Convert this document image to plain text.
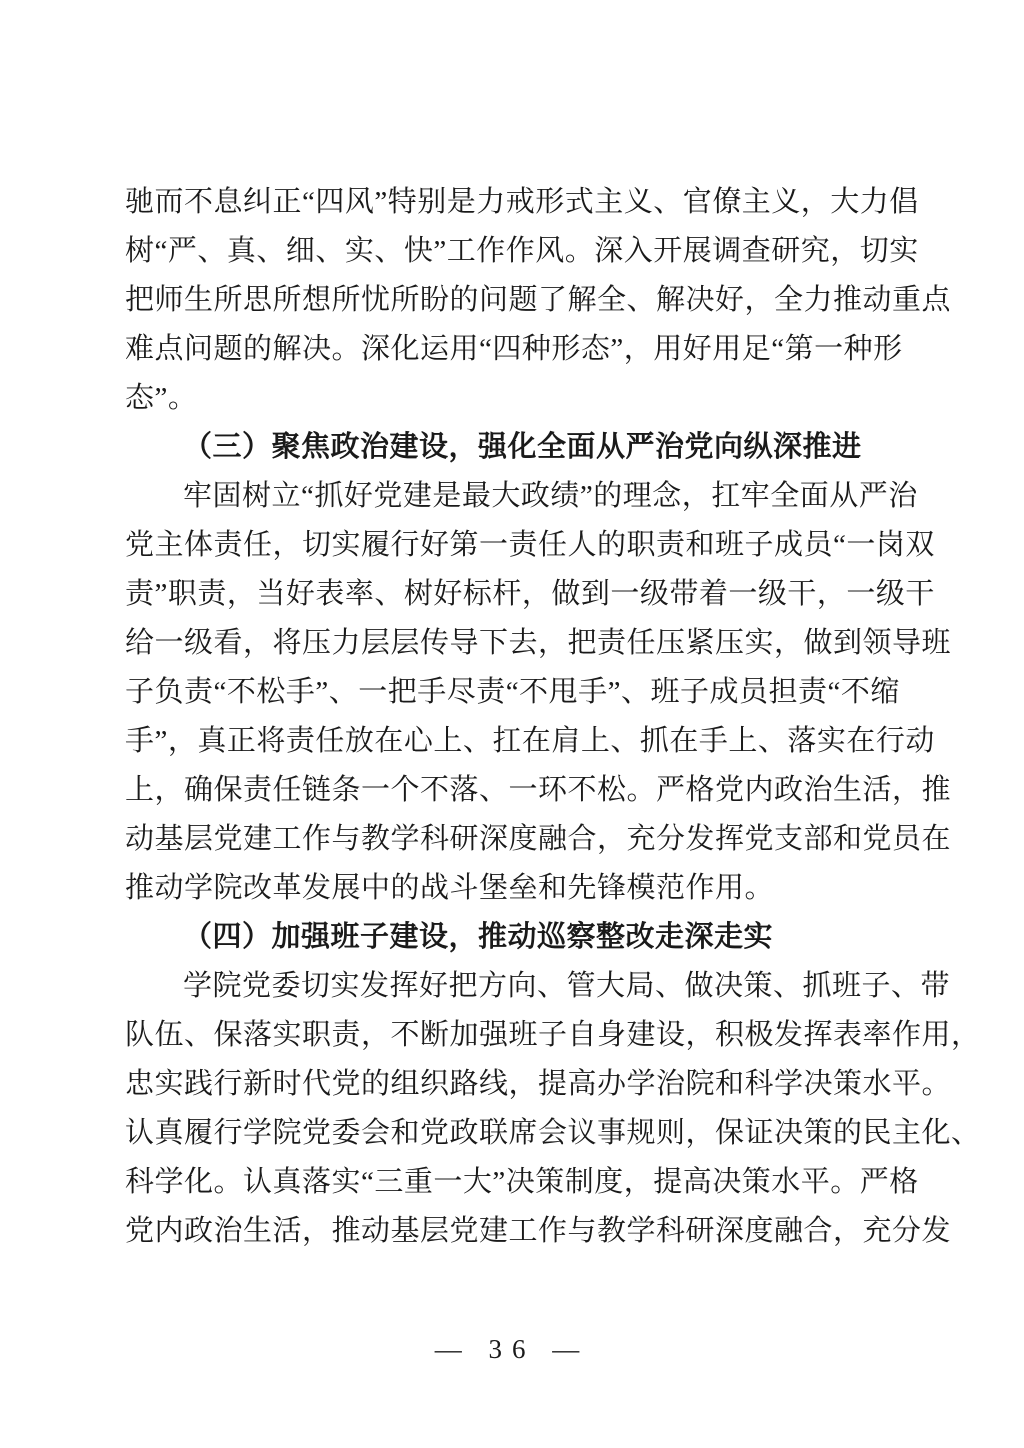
驰而不息纠正“四风”特别是力戒形式主义、官僚主义，大力倡
树“严、真、细、实、快”工作作风。深入开展调查研究，切实
把师生所思所想所忧所盼的问题了解全、解决好，全力推动重点
难点问题的解决。深化运用“四种形态”，用好用足“第一种形
态”。
（三）聚焦政治建设，强化全面从严治党向纵深推进
牢固树立“抓好党建是最大政绩”的理念，扛牢全面从严治
党主体责任，切实履行好第一责任人的职责和班子成员“一岗双
责”职责，当好表率、树好标杆，做到一级带着一级干，一级干
给一级看，将压力层层传导下去，把责任压紧压实，做到领导班
子负责“不松手”、一把手尽责“不甩手”、班子成员担责“不缩
手”，真正将责任放在心上、扛在肩上、抓在手上、落实在行动
上，确保责任链条一个不落、一环不松。严格党内政治生活，推
动基层党建工作与教学科研深度融合，充分发挥党支部和党员在
推动学院改革发展中的战斗堡垒和先锋模范作用。
（四）加强班子建设，推动巡察整改走深走实
学院党委切实发挥好把方向、管大局、做决策、抓班子、带
队伍、保落实职责，不断加强班子自身建设，积极发挥表率作用，
忠实践行新时代党的组织路线，提高办学治院和科学决策水平。
认真履行学院党委会和党政联席会议事规则，保证决策的民主化、
科学化。认真落实“三重一大”决策制度，提高决策水平。严格
党内政治生活，推动基层党建工作与教学科研深度融合，充分发
— 36 —
